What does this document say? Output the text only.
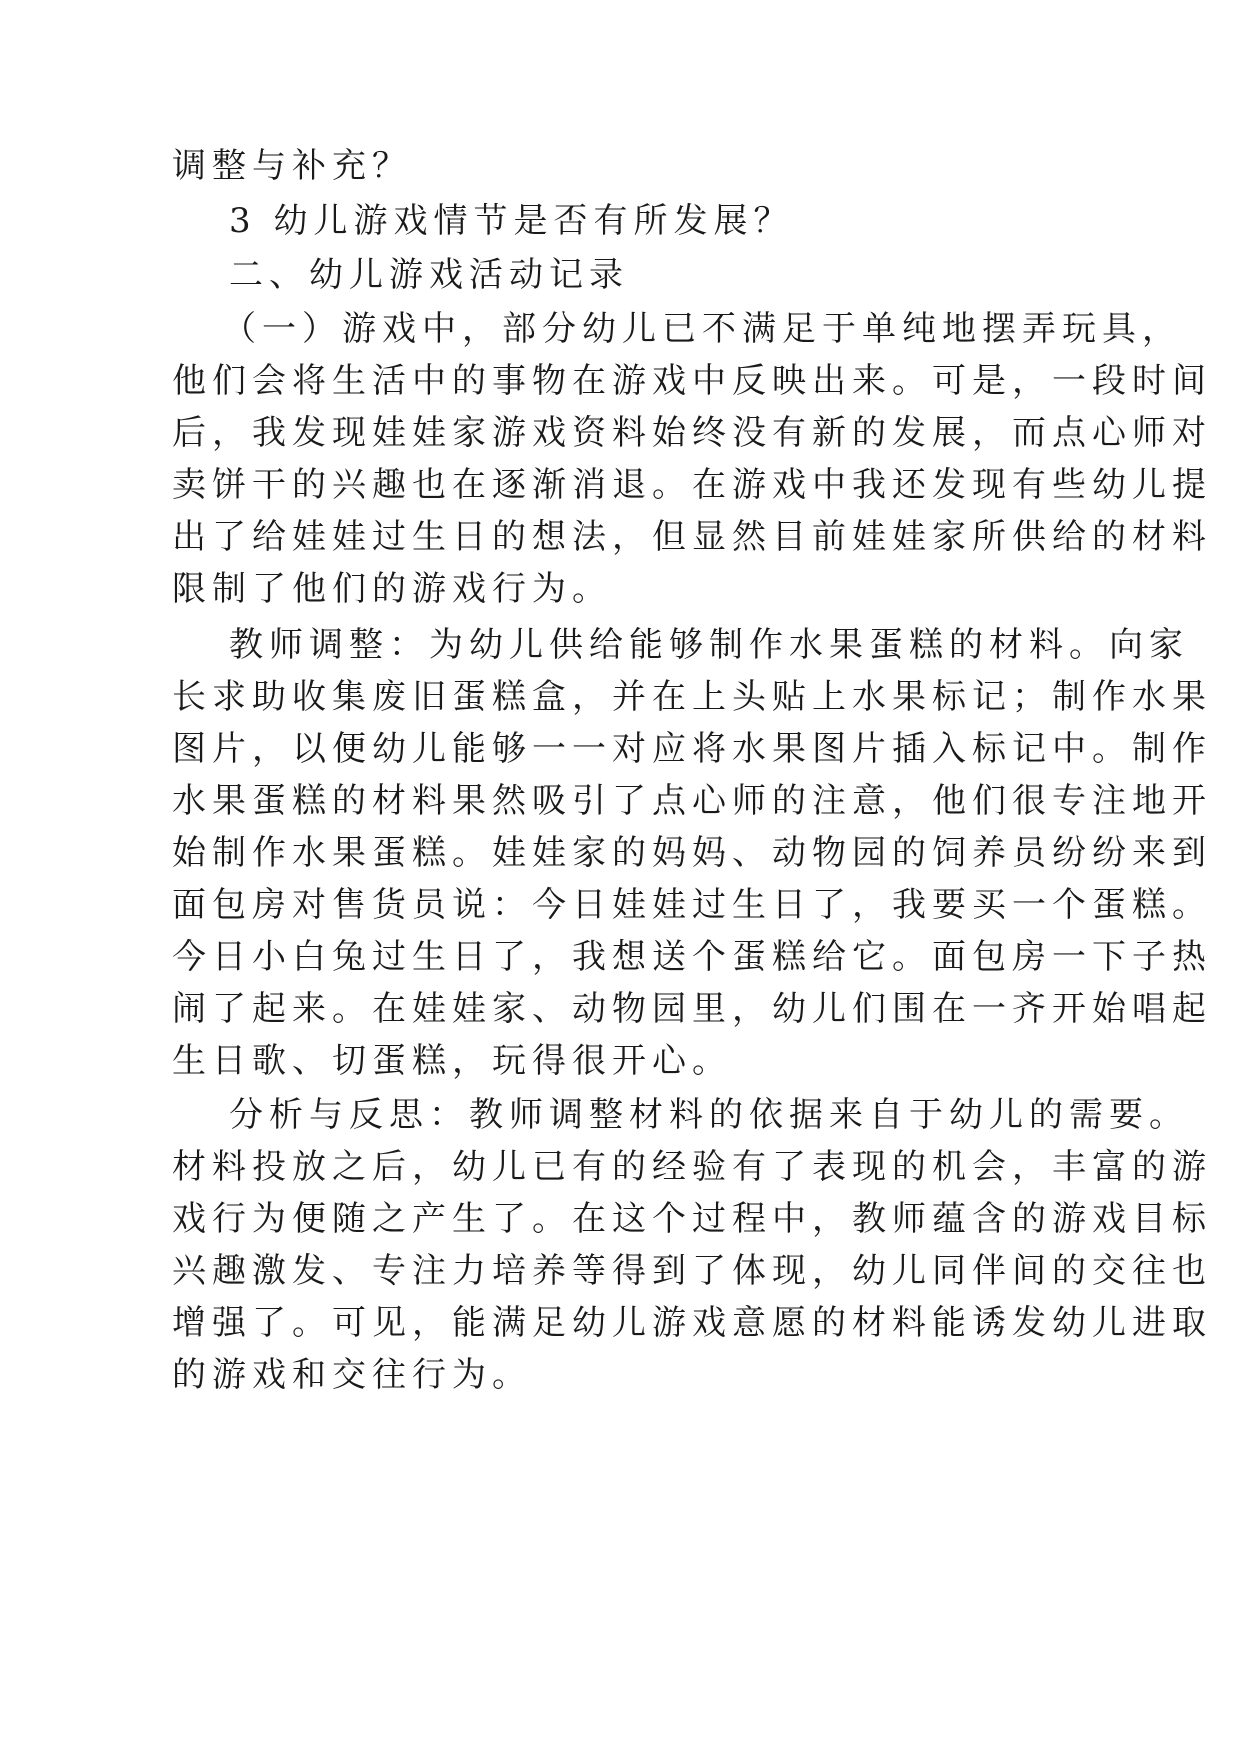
调整与补充？
3 幼儿游戏情节是否有所发展？
二、幼儿游戏活动记录
（一）游戏中，部分幼儿已不满足于单纯地摆弄玩具，
他们会将生活中的事物在游戏中反映出来。可是，一段时间
后，我发现娃娃家游戏资料始终没有新的发展，而点心师对
卖饼干的兴趣也在逐渐消退。在游戏中我还发现有些幼儿提
出了给娃娃过生日的想法，但显然目前娃娃家所供给的材料
限制了他们的游戏行为。
教师调整：为幼儿供给能够制作水果蛋糕的材料。向家
长求助收集废旧蛋糕盒，并在上头贴上水果标记；制作水果
图片，以便幼儿能够一一对应将水果图片插入标记中。制作
水果蛋糕的材料果然吸引了点心师的注意，他们很专注地开
始制作水果蛋糕。娃娃家的妈妈、动物园的饲养员纷纷来到
面包房对售货员说：今日娃娃过生日了，我要买一个蛋糕。
今日小白兔过生日了，我想送个蛋糕给它。面包房一下子热
闹了起来。在娃娃家、动物园里，幼儿们围在一齐开始唱起
生日歌、切蛋糕，玩得很开心。
分析与反思：教师调整材料的依据来自于幼儿的需要。
材料投放之后，幼儿已有的经验有了表现的机会，丰富的游
戏行为便随之产生了。在这个过程中，教师蕴含的游戏目标
兴趣激发、专注力培养等得到了体现，幼儿同伴间的交往也
增强了。可见，能满足幼儿游戏意愿的材料能诱发幼儿进取
的游戏和交往行为。
